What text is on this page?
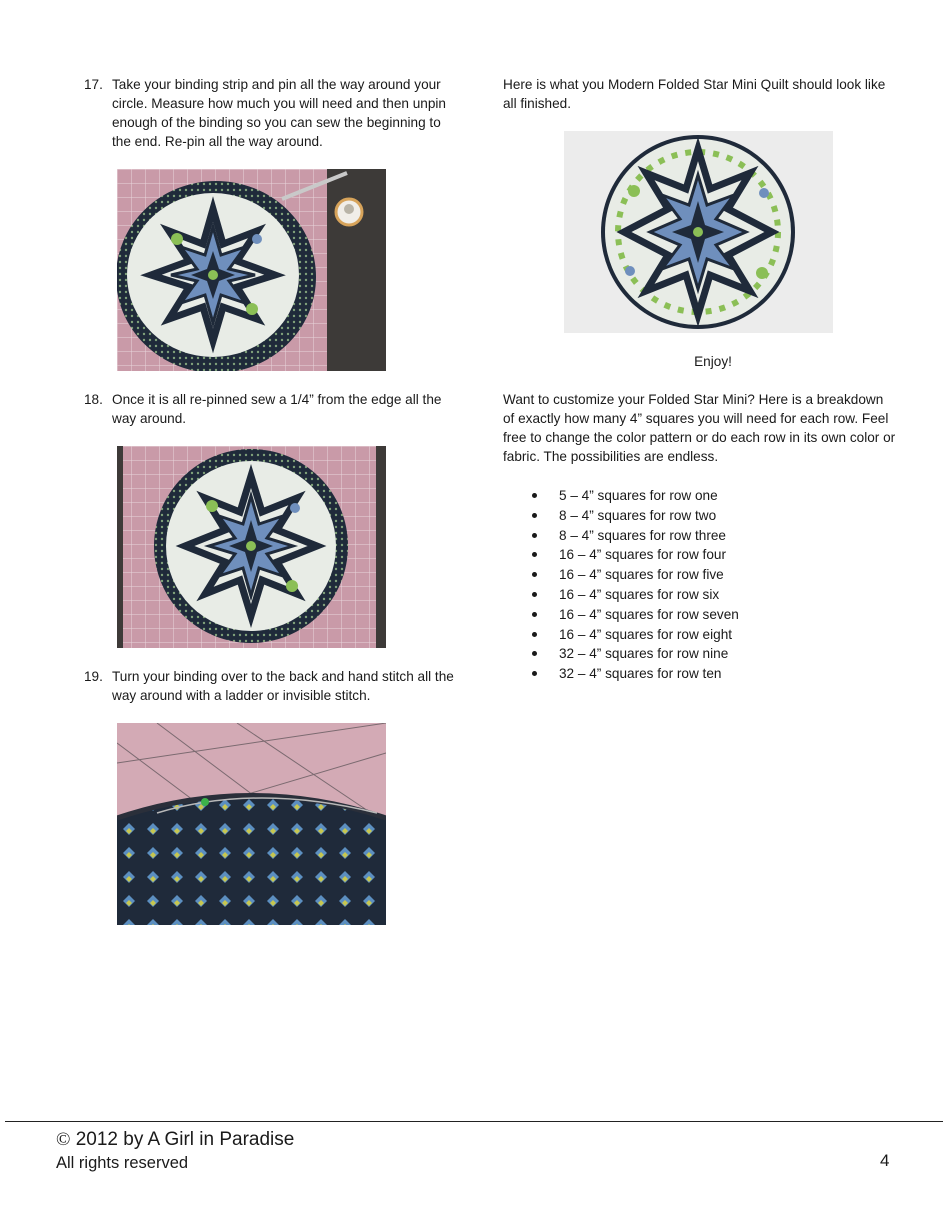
17. Take your binding strip and pin all the way around your circle. Measure how much you will need and then unpin enough of the binding so you can sew the beginning to the end. Re-pin all the way around.
18. Once it is all re-pinned sew a 1/4” from the edge all the way around.
19. Turn your binding over to the back and hand stitch all the way around with a ladder or invisible stitch.
Here is what you Modern Folded Star Mini Quilt should look like all finished.
Enjoy!
Want to customize your Folded Star Mini? Here is a breakdown of exactly how many 4” squares you will need for each row. Feel free to change the color pattern or do each row in its own color or fabric. The possibilities are endless.
5 – 4” squares for row one
8 – 4” squares for row two
8 – 4” squares for row three
16 – 4” squares for row four
16 – 4” squares for row five
16 – 4” squares for row six
16 – 4” squares for row seven
16 – 4” squares for row eight
32 – 4” squares for row nine
32 – 4” squares for row ten
© 2012 by A Girl in Paradise
All rights reserved	4
